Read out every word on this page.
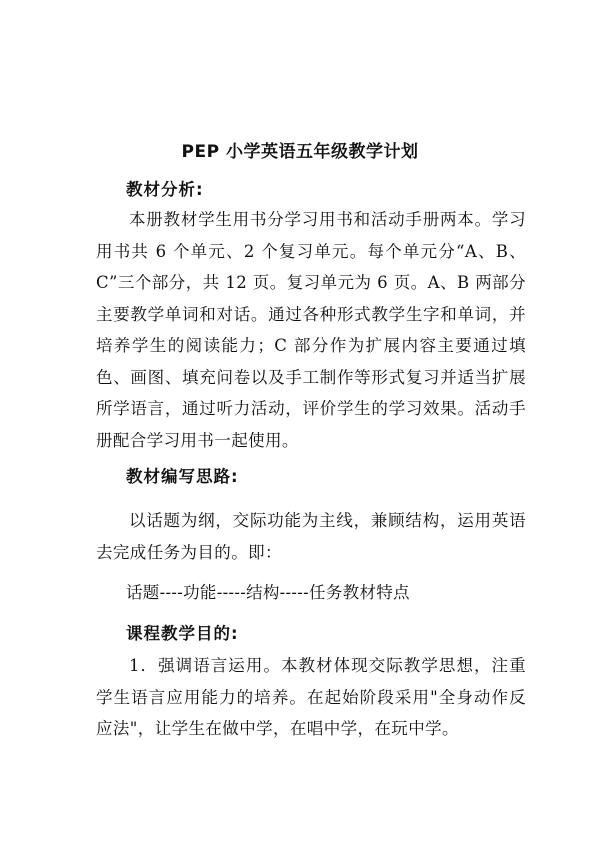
PEP 小学英语五年级教学计划
教材分析:
本册教材学生用书分学习用书和活动手册两本。学习用书共 6 个单元、2 个复习单元。每个单元分“A、B、C”三个部分，共 12 页。复习单元为 6 页。A、B 两部分主要教学单词和对话。通过各种形式教学生字和单词，并培养学生的阅读能力；C 部分作为扩展内容主要通过填色、画图、填充问卷以及手工制作等形式复习并适当扩展所学语言，通过听力活动，评价学生的学习效果。活动手册配合学习用书一起使用。
教材编写思路:
以话题为纲，交际功能为主线，兼顾结构，运用英语去完成任务为目的。即：
话题----功能-----结构-----任务教材特点
课程教学目的:
1．强调语言运用。本教材体现交际教学思想，注重学生语言应用能力的培养。在起始阶段采用"全身动作反应法"，让学生在做中学，在唱中学，在玩中学。
